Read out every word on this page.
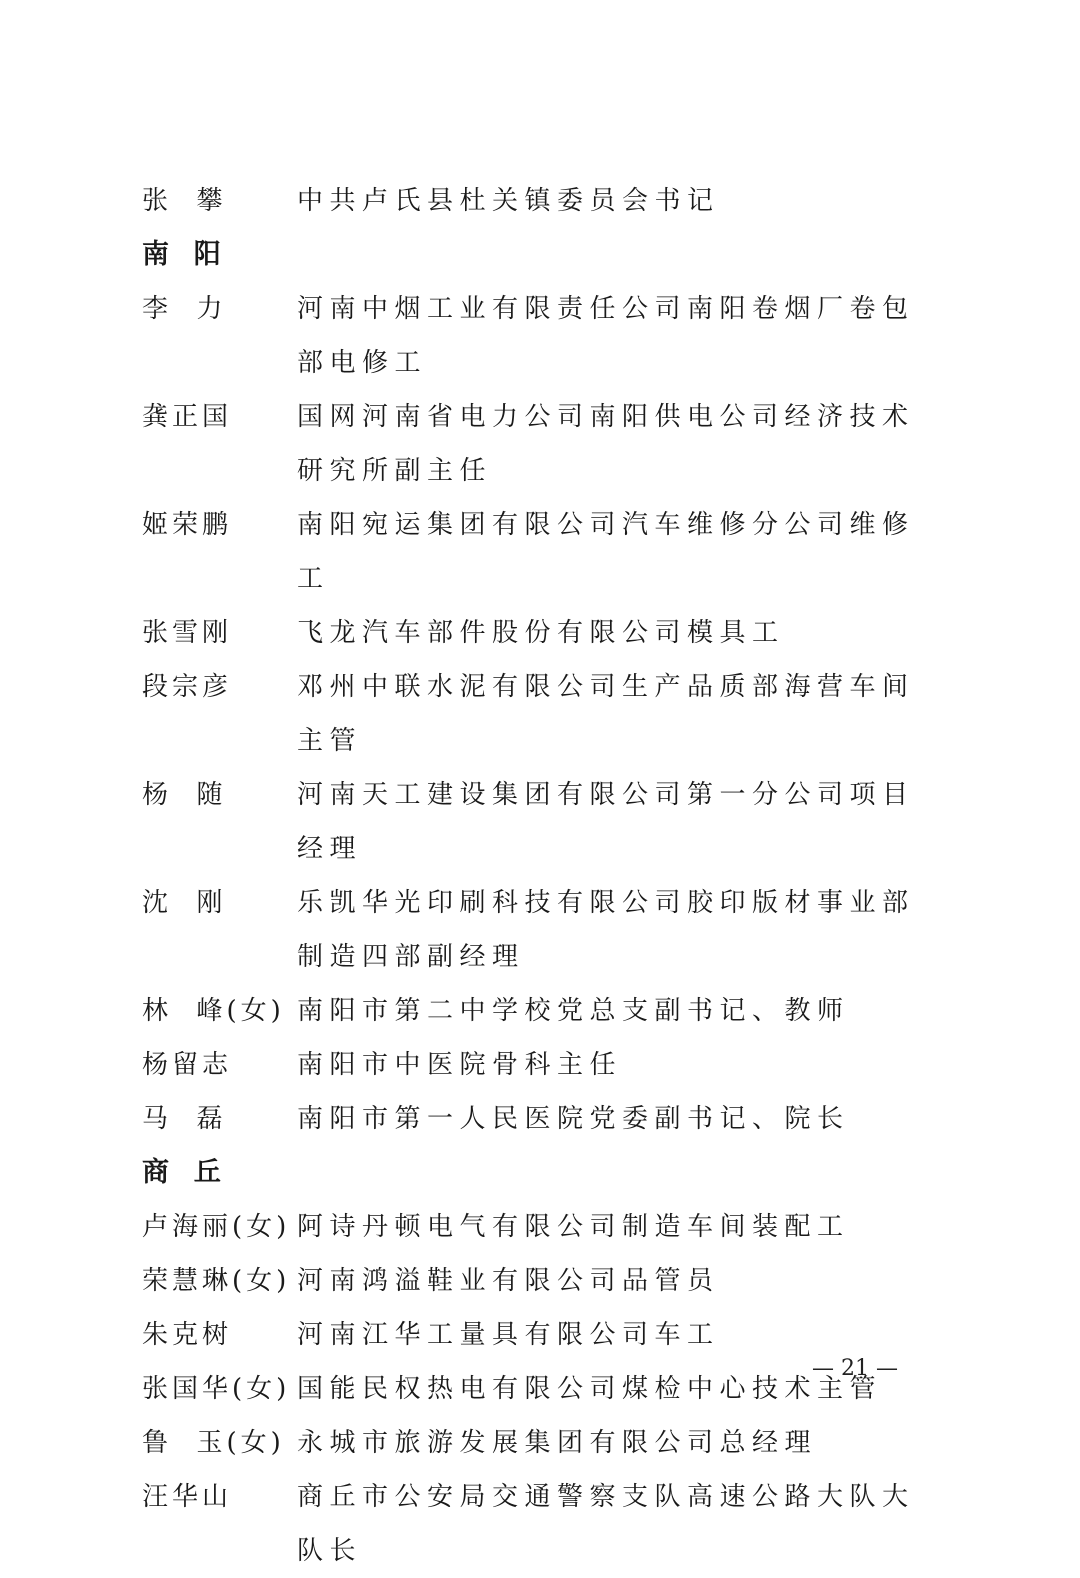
张  攀	中共卢氏县杜关镇委员会书记
南  阳
李  力	河南中烟工业有限责任公司南阳卷烟厂卷包部电修工
龚正国	国网河南省电力公司南阳供电公司经济技术研究所副主任
姬荣鹏	南阳宛运集团有限公司汽车维修分公司维修工
张雪刚	飞龙汽车部件股份有限公司模具工
段宗彦	邓州中联水泥有限公司生产品质部海营车间主管
杨  随	河南天工建设集团有限公司第一分公司项目经理
沈  刚	乐凯华光印刷科技有限公司胶印版材事业部制造四部副经理
林  峰(女) 南阳市第二中学校党总支副书记、教师
杨留志	南阳市中医院骨科主任
马  磊	南阳市第一人民医院党委副书记、院长
商  丘
卢海丽(女) 阿诗丹顿电气有限公司制造车间装配工
荣慧琳(女) 河南鸿溢鞋业有限公司品管员
朱克树	河南江华工量具有限公司车工
张国华(女) 国能民权热电有限公司煤检中心技术主管
鲁  玉(女) 永城市旅游发展集团有限公司总经理
汪华山	商丘市公安局交通警察支队高速公路大队大队长
— 21 —
